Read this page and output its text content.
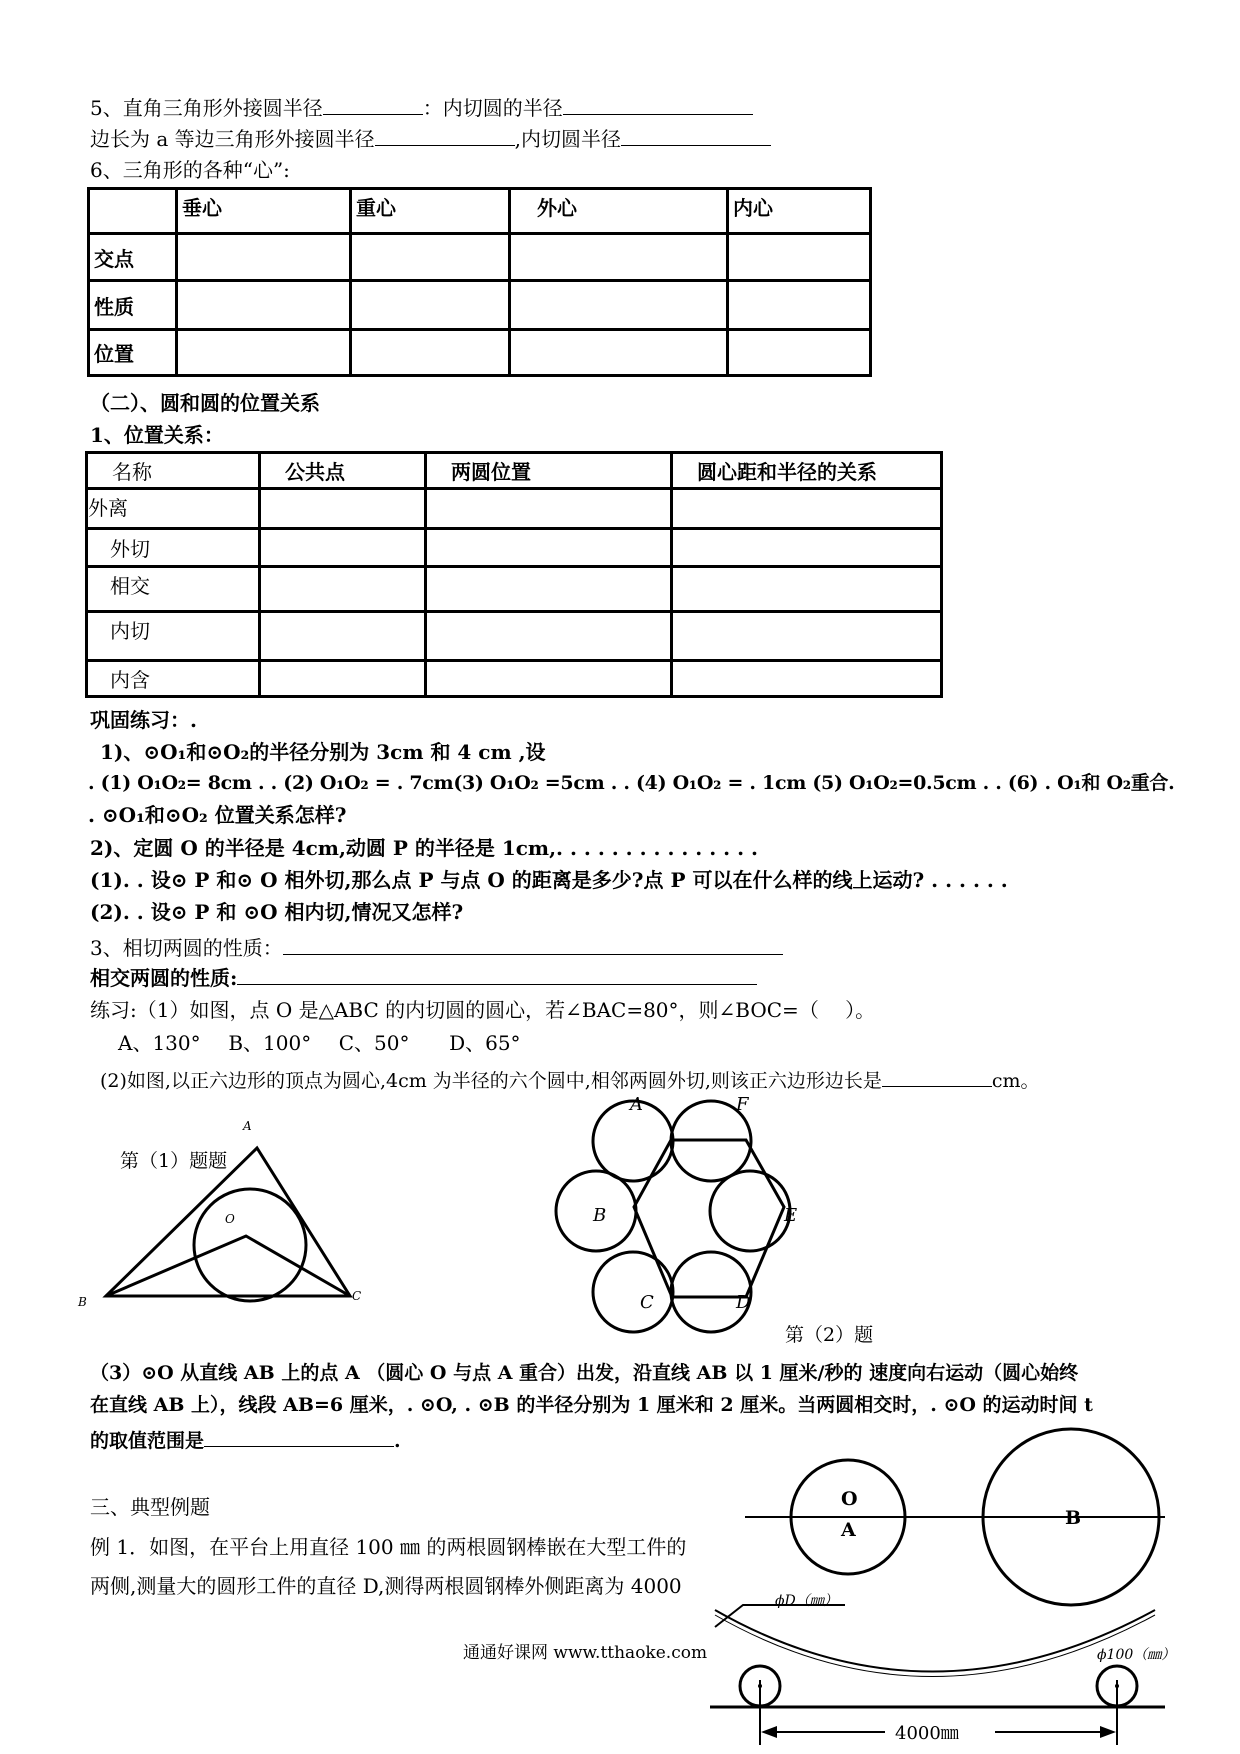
5、直角三角形外接圆半径	：内切圆的半径
边长为 a 等边三角形外接圆半径	,内切圆半径
6、三角形的各种“心”:
	垂心	重心	外心	内心
交点				
性质				
位置				
（二）、圆和圆的位置关系
1、位置关系：
名称	公共点	两圆位置	圆心距和半径的关系
外离			
外切			
相交			
内切			
内含			
巩固练习：.
1)、⊙O₁和⊙O₂的半径分别为 3cm 和 4 cm ,设
. (1) O₁O₂= 8cm . . (2) O₁O₂ = . 7cm(3) O₁O₂ =5cm . . (4) O₁O₂ = . 1cm (5) O₁O₂=0.5cm . . (6) . O₁和 O₂重合.
. ⊙O₁和⊙O₂ 位置关系怎样?
2)、定圆 O 的半径是 4cm,动圆 P 的半径是 1cm,. . . . . . . . . . . . . . .
(1). . 设⊙ P 和⊙ O 相外切,那么点 P 与点 O 的距离是多少?点 P 可以在什么样的线上运动? . . . . . .
(2). . 设⊙ P 和 ⊙O 相内切,情况又怎样?
3、相切两圆的性质：
相交两圆的性质:
练习:（1）如图，点 O 是△ABC 的内切圆的圆心，若∠BAC=80°，则∠BOC=（　 ）。
A、130° B、100° C、50° D、65°
(2)如图,以正六边形的顶点为圆心,4cm 为半径的六个圆中,相邻两圆外切,则该正六边形边长是	cm。
A
B	C
O
第（1）题题
A
B
C	D
E
F
第（2）题
（3）⊙O 从直线 AB 上的点 A （圆心 O 与点 A 重合）出发，沿直线 AB 以 1 厘米/秒的 速度向右运动（圆心始终
在直线 AB 上），线段 AB=6 厘米，. ⊙O, . ⊙B 的半径分别为 1 厘米和 2 厘米。当两圆相交时，. ⊙O 的运动时间 t
的取值范围是	.
三、典型例题
例 1．如图，在平台上用直径 100 ㎜ 的两根圆钢棒嵌在大型工件的
两侧,测量大的圆形工件的直径 D,测得两根圆钢棒外侧距离为 4000
O
A
B
ϕD（㎜）
ϕ100（㎜）
4000㎜
通通好课网 www.tthaoke.com
